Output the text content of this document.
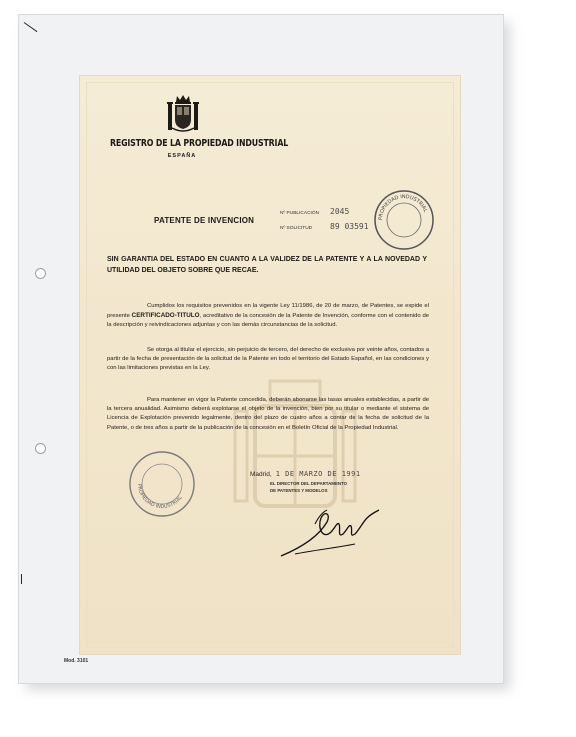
Mod. 3101
REGISTRO DE LA PROPIEDAD INDUSTRIAL
ESPAÑA
PATENTE DE INVENCION
Nº PUBLICACIÓN 2045
Nº SOLICITUD 89 03591
PROPIEDAD INDUSTRIAL
SIN GARANTIA DEL ESTADO EN CUANTO A LA VALIDEZ DE LA PATENTE Y A LA NOVEDAD Y UTILIDAD DEL OBJETO SOBRE QUE RECAE.
Cumplidos los requisitos prevenidos en la vigente Ley 11/1986, de 20 de marzo, de Patentes, se expide el presente CERTIFICADO-TITULO, acreditativo de la concesión de la Patente de Invención, conforme con el contenido de la descripción y reivindicaciones adjuntas y con las demás circunstancias de la solicitud.
Se otorga al titular el ejercicio, sin perjuicio de tercero, del derecho de exclusiva por veinte años, contados a partir de la fecha de presentación de la solicitud de la Patente en todo el territorio del Estado Español, en las condiciones y con las limitaciones previstas en la Ley.
Para mantener en vigor la Patente concedida, deberán abonarse las tasas anuales establecidas, a partir de la tercera anualidad. Asimismo deberá explotarse el objeto de la invención, bien por su titular o mediante el sistema de Licencia de Explotación prevenido legalmente, dentro del plazo de cuatro años a contar de la fecha de solicitud de la Patente, o de tres años a partir de la publicación de la concesión en el Boletín Oficial de la Propiedad Industrial.
Madrid, 1 DE MARZO DE 1991
EL DIRECTOR DEL DEPARTAMENTO
DE PATENTES Y MODELOS
PROPIEDAD INDUSTRIAL
